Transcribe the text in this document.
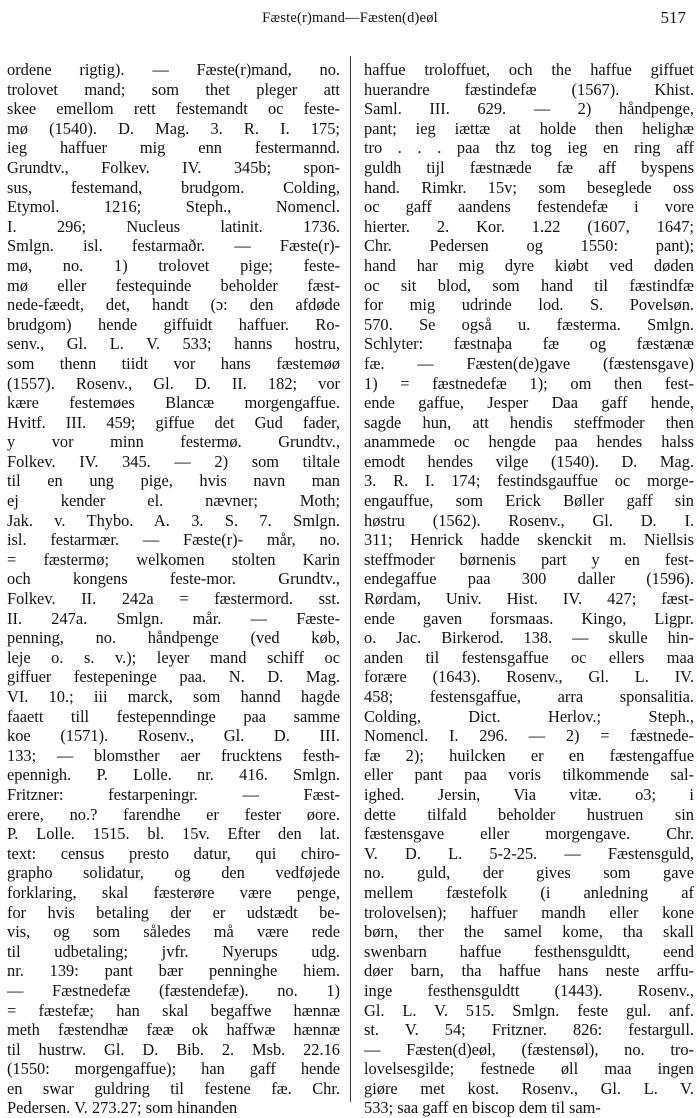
Fæste(r)mand—Fæsten(d)eøl	517
ordene rigtig). — Fæste(r)mand, no.
trolovet mand; som thet pleger att
skee emellom rett festemandt oc feste-
mø (1540). D. Mag. 3. R. I. 175;
ieg haffuer mig enn festermannd.
Grundtv., Folkev. IV. 345b; spon-
sus, festemand, brudgom. Colding,
Etymol. 1216; Steph., Nomencl.
I. 296; Nucleus latinit. 1736.
Smlgn. isl. festarmaðr. — Fæste(r)-
mø, no. 1) trolovet pige; feste-
mø eller festequinde beholder fæst-
nede-fæedt, det, handt (ɔ: den afdøde
brudgom) hende giffuidt haffuer. Ro-
senv., Gl. L. V. 533; hanns hostru,
som thenn tiidt vor hans fæstemøø
(1557). Rosenv., Gl. D. II. 182; vor
kære festemøes Blancæ morgengaffue.
Hvitf. III. 459; giffue det Gud fader,
y vor minn festermø. Grundtv.,
Folkev. IV. 345. — 2) som tiltale
til en ung pige, hvis navn man
ej kender el. nævner; Moth;
Jak. v. Thybo. A. 3. S. 7. Smlgn.
isl. festarmær. — Fæste(r)- mår, no.
= fæstermø; welkomen stolten Karin
och kongens feste-mor. Grundtv.,
Folkev. II. 242a = fæstermord. sst.
II. 247a. Smlgn. mår. — Fæste-
penning, no. håndpenge (ved køb,
leje o. s. v.); leyer mand schiff oc
giffuer festepeninge paa. N. D. Mag.
VI. 10.; iii marck, som hannd hagde
faaett till festepenndinge paa samme
koe (1571). Rosenv., Gl. D. III.
133; — blomsther aer frucktens festh-
epennigh. P. Lolle. nr. 416. Smlgn.
Fritzner: festarpeningr. — Fæst-
erere, no.? farendhe er fester øore.
P. Lolle. 1515. bl. 15v. Efter den lat.
text: census presto datur, qui chiro-
grapho solidatur, og den vedføjede
forklaring, skal fæsterøre være penge,
for hvis betaling der er udstædt be-
vis, og som således må være rede
til udbetaling; jvfr. Nyerups udg.
nr. 139: pant bær penninghe hiem.
— Fæstnedefæ (fæstendefæ). no. 1)
= fæstefæ; han skal begaffwe hænnæ
meth fæstendhæ fææ ok haffwæ hænnæ
til hustrw. Gl. D. Bib. 2. Msb. 22.16
(1550: morgengaffue); han gaff hende
en swar guldring til festene fæ. Chr.
Pedersen. V. 273.27; som hinanden
haffue troloffuet, och the haffue giffuet
huerandre fæstindefæ (1567). Khist.
Saml. III. 629. — 2) håndpenge,
pant; ieg iættæ at holde then helighæ
tro . . . paa thz tog ieg en ring aff
guldh tijl fæstnæde fæ aff byspens
hand. Rimkr. 15v; som beseglede oss
oc gaff aandens festendefæ i vore
hierter. 2. Kor. 1.22 (1607, 1647;
Chr. Pedersen og 1550: pant);
hand har mig dyre kiøbt ved døden
oc sit blod, som hand til fæstindfæ
for mig udrinde lod. S. Povelsøn.
570. Se også u. fæsterma. Smlgn.
Schlyter: fæstnaþa fæ og fæstænæ
fæ. — Fæsten(de)gave (fæstensgave)
1) = fæstnedefæ 1); om then fest-
ende gaffue, Jesper Daa gaff hende,
sagde hun, att hendis steffmoder then
anammede oc hengde paa hendes halss
emodt hendes vilge (1540). D. Mag.
3. R. I. 174; festindsgauffue oc morge-
engauffue, som Erick Bøller gaff sin
høstru (1562). Rosenv., Gl. D. I.
311; Henrick hadde skenckit m. Niellsis
steffmoder børnenis part y en fest-
endegaffue paa 300 daller (1596).
Rørdam, Univ. Hist. IV. 427; fæst-
ende gaven forsmaas. Kingo, Ligpr.
o. Jac. Birkerod. 138. — skulle hin-
anden til festensgaffue oc ellers maa
forære (1643). Rosenv., Gl. L. IV.
458; festensgaffue, arra sponsalitia.
Colding, Dict. Herlov.; Steph.,
Nomencl. I. 296. — 2) = fæstnede-
fæ 2); huilcken er en fæstengaffue
eller pant paa voris tilkommende sal-
ighed. Jersin, Via vitæ. o3; i
dette tilfald beholder hustruen sin
fæstensgave eller morgengave. Chr.
V. D. L. 5-2-25. — Fæstensguld,
no. guld, der gives som gave
mellem fæstefolk (i anledning af
trolovelsen); haffuer mandh eller kone
børn, ther the samel kome, tha skall
swenbarn haffue festhensguldtt, eend
døer barn, tha haffue hans neste arffu-
inge festhensguldtt (1443). Rosenv.,
Gl. L. V. 515. Smlgn. feste gul. anf.
st. V. 54; Fritzner. 826: festargull.
— Fæsten(d)eøl, (fæstensøl), no. tro-
lovelsesgilde; festnede øll maa ingen
giøre met kost. Rosenv., Gl. L. V.
533; saa gaff en biscop dem til sam-
